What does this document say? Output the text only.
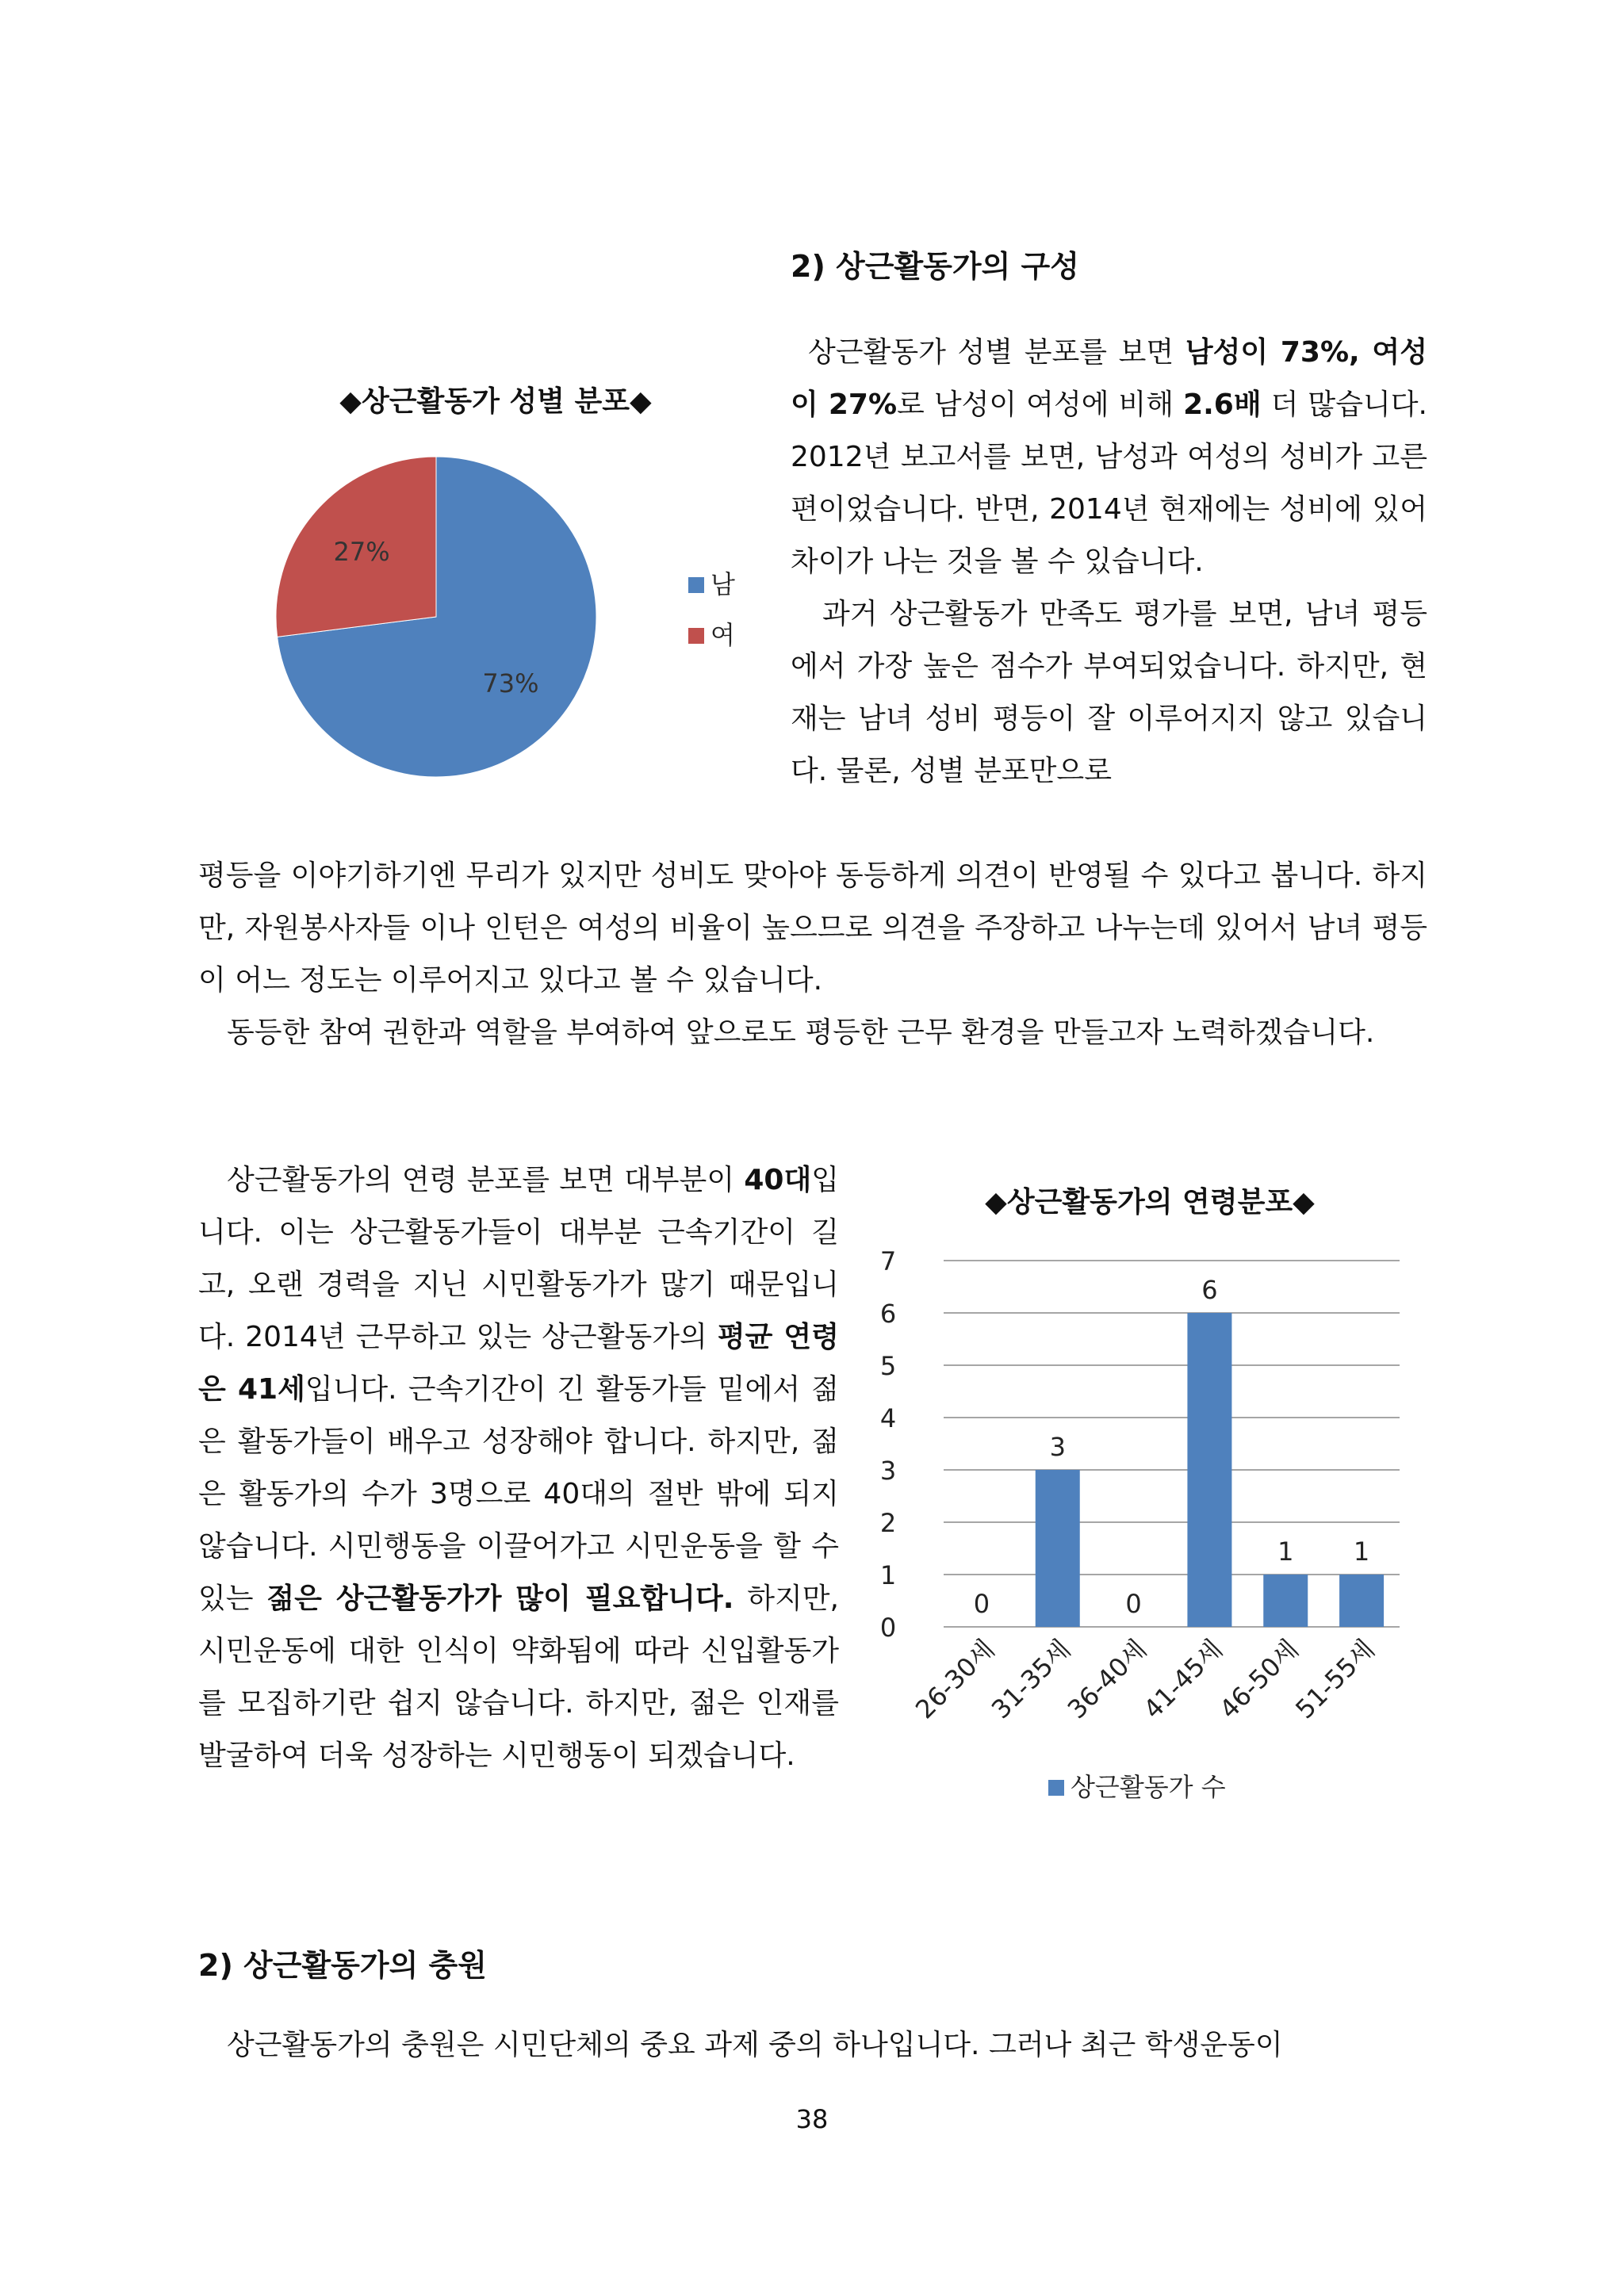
2) 상근활동가의 구성
◆상근활동가 성별 분포◆
73%
27%
남
여

상근활동가 성별 분포를 보면 남성이 73%, 여성이 27%로 남성이 여성에 비해 2.6배 더 많습니다. 2012년 보고서를 보면, 남성과 여성의 성비가 고른 편이었습니다. 반면, 2014년 현재에는 성비에 있어 차이가 나는 것을 볼 수 있습니다.

과거 상근활동가 만족도 평가를 보면, 남녀 평등에서 가장 높은 점수가 부여되었습니다. 하지만, 현재는 남녀 성비 평등이 잘 이루어지지 않고 있습니다. 물론, 성별 분포만으로

평등을 이야기하기엔 무리가 있지만 성비도 맞아야 동등하게 의견이 반영될 수 있다고 봅니다. 하지만, 자원봉사자들 이나 인턴은 여성의 비율이 높으므로 의견을 주장하고 나누는데 있어서 남녀 평등이 어느 정도는 이루어지고 있다고 볼 수 있습니다.

동등한 참여 권한과 역할을 부여하여 앞으로도 평등한 근무 환경을 만들고자 노력하겠습니다.

상근활동가의 연령 분포를 보면 대부분이 40대입니다. 이는 상근활동가들이 대부분 근속기간이 길고, 오랜 경력을 지닌 시민활동가가 많기 때문입니다. 2014년 근무하고 있는 상근활동가의 평균 연령은 41세입니다. 근속기간이 긴 활동가들 밑에서 젊은 활동가들이 배우고 성장해야 합니다. 하지만, 젊은 활동가의 수가 3명으로 40대의 절반 밖에 되지 않습니다. 시민행동을 이끌어가고 시민운동을 할 수 있는 젊은 상근활동가가 많이 필요합니다. 하지만, 시민운동에 대한 인식이 약화됨에 따라 신입활동가를 모집하기란 쉽지 않습니다. 하지만, 젊은 인재를 발굴하여 더욱 성장하는 시민행동이 되겠습니다.

◆상근활동가의 연령분포◆
0
1
2
3
4
5
6
7
0
26-30세
3
31-35세
0
36-40세
6
41-45세
1
46-50세
1
51-55세
상근활동가 수
2) 상근활동가의 충원

상근활동가의 충원은 시민단체의 중요 과제 중의 하나입니다. 그러나 최근 학생운동이

38
